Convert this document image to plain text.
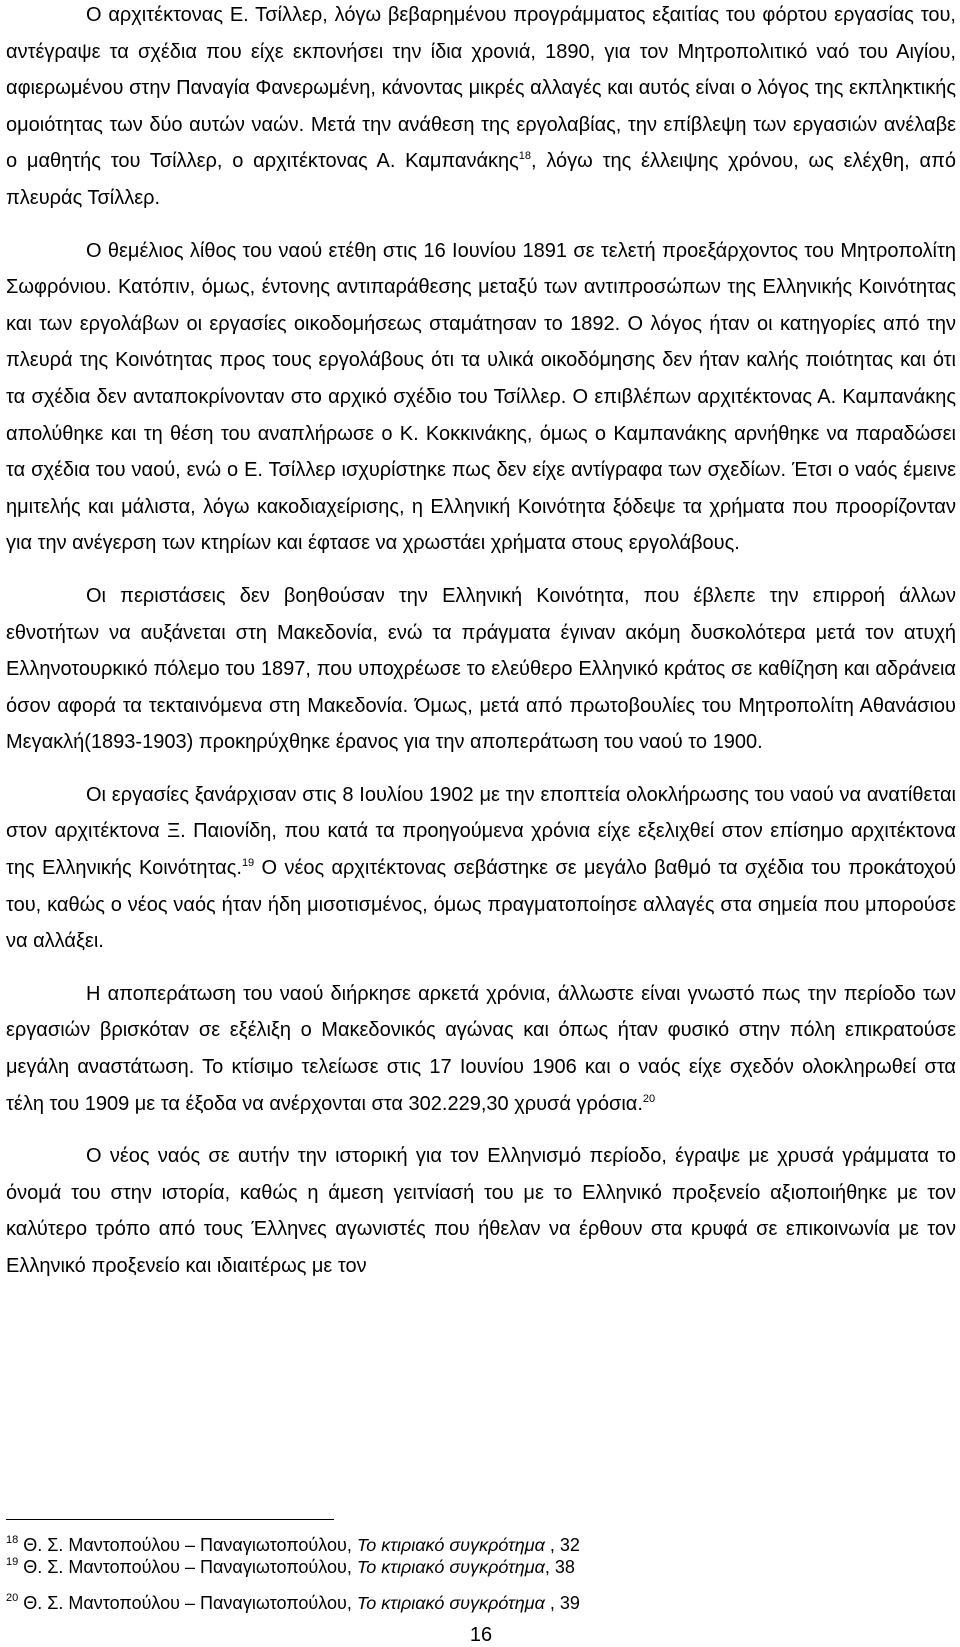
Ο αρχιτέκτονας Ε. Τσίλλερ, λόγω βεβαρημένου προγράμματος εξαιτίας του φόρτου εργασίας του, αντέγραψε τα σχέδια που είχε εκπονήσει την ίδια χρονιά, 1890, για τον Μητροπολιτικό ναό του Αιγίου, αφιερωμένου στην Παναγία Φανερωμένη, κάνοντας μικρές αλλαγές και αυτός είναι ο λόγος της εκπληκτικής ομοιότητας των δύο αυτών ναών. Μετά την ανάθεση της εργολαβίας, την επίβλεψη των εργασιών ανέλαβε ο μαθητής του Τσίλλερ, ο αρχιτέκτονας Α. Καμπανάκης$^{18}$, λόγω της έλλειψης χρόνου, ως ελέχθη, από πλευράς Τσίλλερ.

Ο θεμέλιος λίθος του ναού ετέθη στις 16 Ιουνίου 1891 σε τελετή προεξάρχοντος του Μητροπολίτη Σωφρόνιου. Κατόπιν, όμως, έντονης αντιπαράθεσης μεταξύ των αντιπροσώπων της Ελληνικής Κοινότητας και των εργολάβων οι εργασίες οικοδομήσεως σταμάτησαν το 1892. Ο λόγος ήταν οι κατηγορίες από την πλευρά της Κοινότητας προς τους εργολάβους ότι τα υλικά οικοδόμησης δεν ήταν καλής ποιότητας και ότι τα σχέδια δεν ανταποκρίνονταν στο αρχικό σχέδιο του Τσίλλερ. Ο επιβλέπων αρχιτέκτονας Α. Καμπανάκης απολύθηκε και τη θέση του αναπλήρωσε ο Κ. Κοκκινάκης, όμως ο Καμπανάκης αρνήθηκε να παραδώσει τα σχέδια του ναού, ενώ ο Ε. Τσίλλερ ισχυρίστηκε πως δεν είχε αντίγραφα των σχεδίων. Έτσι ο ναός έμεινε ημιτελής και μάλιστα, λόγω κακοδιαχείρισης, η Ελληνική Κοινότητα ξόδεψε τα χρήματα που προορίζονταν για την ανέγερση των κτηρίων και έφτασε να χρωστάει χρήματα στους εργολάβους.

Οι περιστάσεις δεν βοηθούσαν την Ελληνική Κοινότητα, που έβλεπε την επιρροή άλλων εθνοτήτων να αυξάνεται στη Μακεδονία, ενώ τα πράγματα έγιναν ακόμη δυσκολότερα μετά τον ατυχή Ελληνοτουρκικό πόλεμο του 1897, που υποχρέωσε το ελεύθερο Ελληνικό κράτος σε καθίζηση και αδράνεια όσον αφορά τα τεκταινόμενα στη Μακεδονία. Όμως, μετά από πρωτοβουλίες του Μητροπολίτη Αθανάσιου Μεγακλή(1893-1903) προκηρύχθηκε έρανος για την αποπεράτωση του ναού το 1900.

Οι εργασίες ξανάρχισαν στις 8 Ιουλίου 1902 με την εποπτεία ολοκλήρωσης του ναού να ανατίθεται στον αρχιτέκτονα Ξ. Παιονίδη, που κατά τα προηγούμενα χρόνια είχε εξελιχθεί στον επίσημο αρχιτέκτονα της Ελληνικής Κοινότητας.$^{19}$ Ο νέος αρχιτέκτονας σεβάστηκε σε μεγάλο βαθμό τα σχέδια του προκάτοχού του, καθώς ο νέος ναός ήταν ήδη μισοτισμένος, όμως πραγματοποίησε αλλαγές στα σημεία που μπορούσε να αλλάξει.

Η αποπεράτωση του ναού διήρκησε αρκετά χρόνια, άλλωστε είναι γνωστό πως την περίοδο των εργασιών βρισκόταν σε εξέλιξη ο Μακεδονικός αγώνας και όπως ήταν φυσικό στην πόλη επικρατούσε μεγάλη αναστάτωση. Το κτίσιμο τελείωσε στις 17 Ιουνίου 1906 και ο ναός είχε σχεδόν ολοκληρωθεί στα τέλη του 1909 με τα έξοδα να ανέρχονται στα 302.229,30 χρυσά γρόσια.$^{20}$

Ο νέος ναός σε αυτήν την ιστορική για τον Ελληνισμό περίοδο, έγραψε με χρυσά γράμματα το όνομά του στην ιστορία, καθώς η άμεση γειτνίασή του με το Ελληνικό προξενείο αξιοποιήθηκε με τον καλύτερο τρόπο από τους Έλληνες αγωνιστές που ήθελαν να έρθουν στα κρυφά σε επικοινωνία με τον Ελληνικό προξενείο και ιδιαιτέρως με τον

$^{18}$ Θ. Σ. Μαντοπούλου – Παναγιωτοπούλου, Το κτιριακό συγκρότημα , 32
$^{19}$ Θ. Σ. Μαντοπούλου – Παναγιωτοπούλου, Το κτιριακό συγκρότημα, 38
$^{20}$ Θ. Σ. Μαντοπούλου – Παναγιωτοπούλου, Το κτιριακό συγκρότημα , 39
16
